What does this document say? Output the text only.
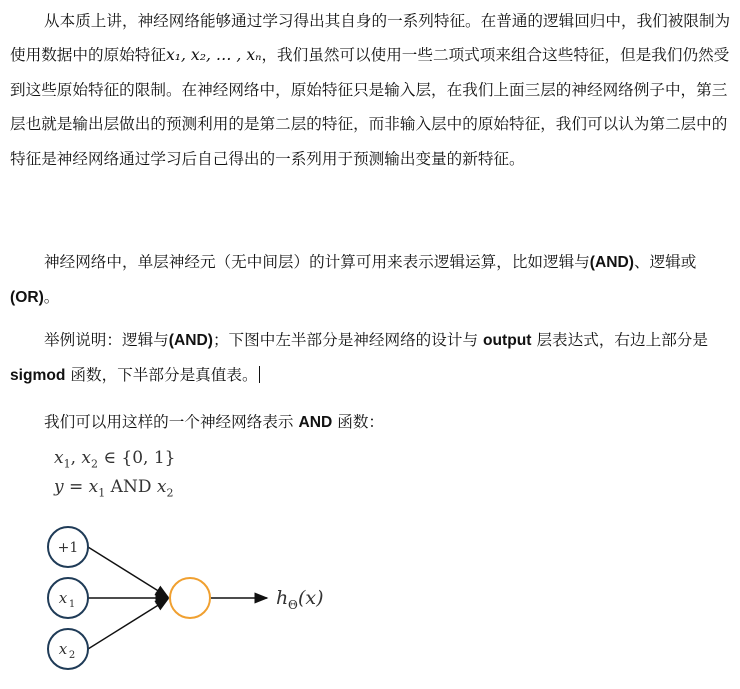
从本质上讲，神经网络能够通过学习得出其自身的一系列特征。在普通的逻辑回归中，我们被限制为使用数据中的原始特征x₁, x₂, … , xₙ，我们虽然可以使用一些二项式项来组合这些特征，但是我们仍然受到这些原始特征的限制。在神经网络中，原始特征只是输入层，在我们上面三层的神经网络例子中，第三层也就是输出层做出的预测利用的是第二层的特征，而非输入层中的原始特征，我们可以认为第二层中的特征是神经网络通过学习后自己得出的一系列用于预测输出变量的新特征。

神经网络中，单层神经元（无中间层）的计算可用来表示逻辑运算，比如逻辑与(AND)、逻辑或(OR)。

举例说明：逻辑与(AND)；下图中左半部分是神经网络的设计与 output 层表达式，右边上部分是 sigmod 函数，下半部分是真值表。

我们可以用这样的一个神经网络表示 AND 函数：

$x_1$, $x_2$ ∈ {0, 1}
$y = x_1$ AND $x_2$
+1
x 1
x 2
h Θ (x)
